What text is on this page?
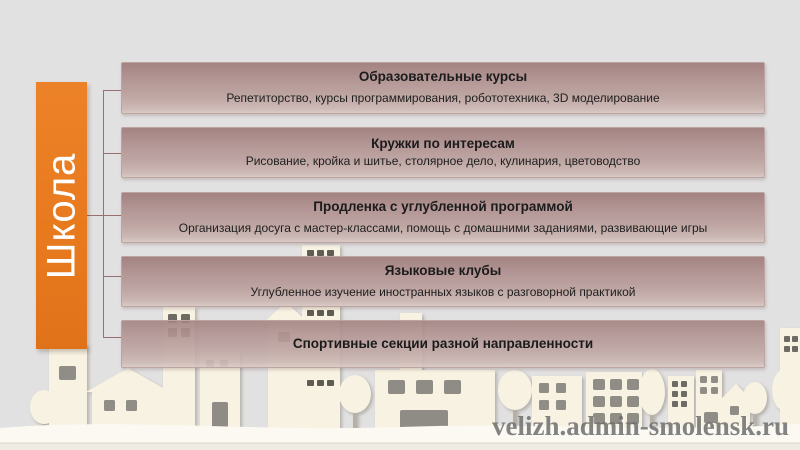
Школа
Образовательные курсы
Репетиторство, курсы программирования, робототехника, 3D моделирование
Кружки по интересам
Рисование, кройка и шитье, столярное дело, кулинария, цветоводство
Продленка с углубленной программой
Организация досуга с мастер-классами, помощь с домашними заданиями, развивающие игры
Языковые клубы
Углубленное изучение иностранных языков с разговорной практикой
Спортивные секции разной направленности
velizh.admin-smolensk.ru
